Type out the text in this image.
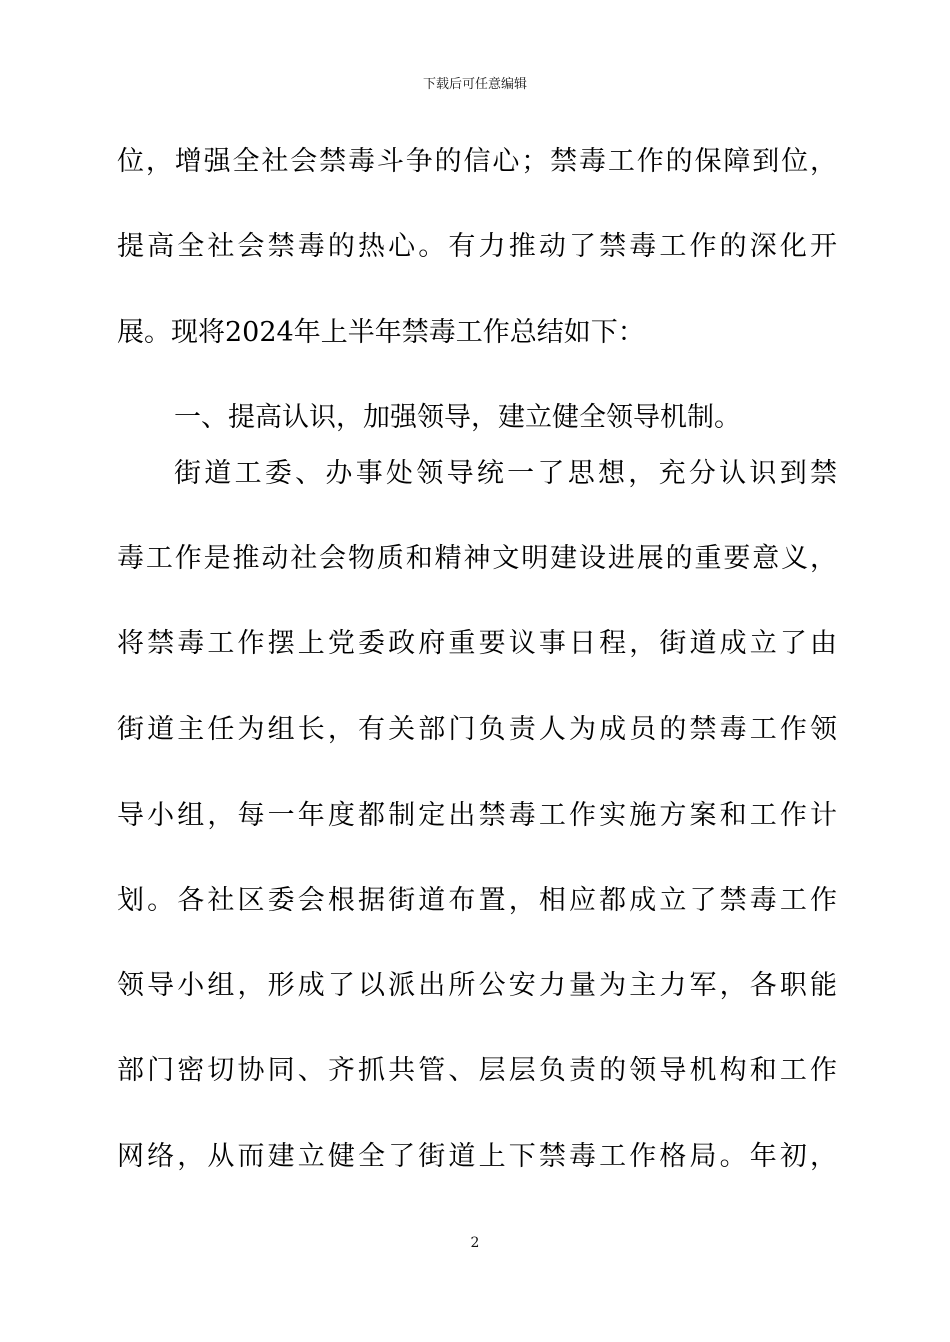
下载后可任意编辑
位，增强全社会禁毒斗争的信心；禁毒工作的保障到位，
提高全社会禁毒的热心。有力推动了禁毒工作的深化开
展。现将2024年上半年禁毒工作总结如下：
一、提高认识，加强领导，建立健全领导机制。
街道工委、办事处领导统一了思想，充分认识到禁
毒工作是推动社会物质和精神文明建设进展的重要意义，
将禁毒工作摆上党委政府重要议事日程，街道成立了由
街道主任为组长，有关部门负责人为成员的禁毒工作领
导小组，每一年度都制定出禁毒工作实施方案和工作计
划。各社区委会根据街道布置，相应都成立了禁毒工作
领导小组，形成了以派出所公安力量为主力军，各职能
部门密切协同、齐抓共管、层层负责的领导机构和工作
网络，从而建立健全了街道上下禁毒工作格局。年初，
2
